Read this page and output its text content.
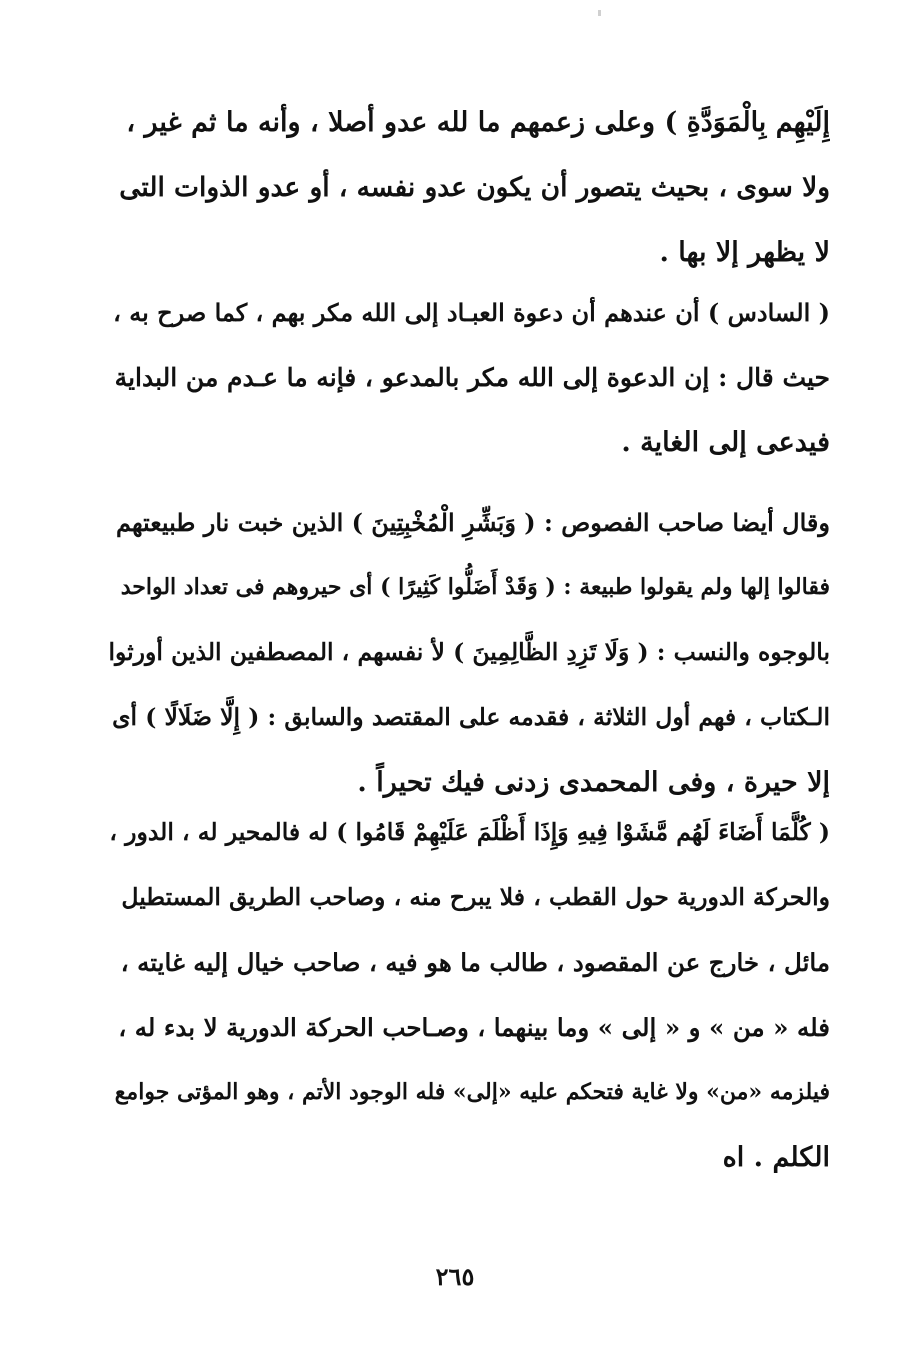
إِلَيْهِم بِالْمَوَدَّةِ ) وعلى زعمهم ما لله عدو أصلا ، وأنه ما ثم غير ،
ولا سوى ، بحيث يتصور أن يكون عدو نفسه ، أو عدو الذوات التى
لا يظهر إلا بها .
( السادس ) أن عندهم أن دعوة العبـاد إلى الله مكر بهم ، كما صرح به ،
حيث قال : إن الدعوة إلى الله مكر بالمدعو ، فإنه ما عـدم من البداية
فيدعى إلى الغاية .
وقال أيضا صاحب الفصوص : ( وَبَشِّرِ الْمُخْبِتِينَ ) الذين خبت نار طبيعتهم
فقالوا إلها ولم يقولوا طبيعة : ( وَقَدْ أَضَلُّوا كَثِيرًا ) أى حيروهم فى تعداد الواحد
بالوجوه والنسب : ( وَلَا تَزِدِ الظَّالِمِينَ ) لأ نفسهم ، المصطفين الذين أورثوا
الـكتاب ، فهم أول الثلاثة ، فقدمه على المقتصد والسابق : ( إِلَّا ضَلَالًا ) أى
إلا حيرة ، وفى المحمدى زدنى فيك تحيراً .
( كُلَّمَا أَضَاءَ لَهُم مَّشَوْا فِيهِ وَإِذَا أَظْلَمَ عَلَيْهِمْ قَامُوا ) له فالمحير له ، الدور ،
والحركة الدورية حول القطب ، فلا يبرح منه ، وصاحب الطريق المستطيل
مائل ، خارج عن المقصود ، طالب ما هو فيه ، صاحب خيال إليه غايته ،
فله « من » و « إلى » وما بينهما ، وصـاحب الحركة الدورية لا بدء له ،
فيلزمه «من» ولا غاية فتحكم عليه «إلى» فله الوجود الأتم ، وهو المؤتى جوامع
الكلم . اه
٢٦٥
